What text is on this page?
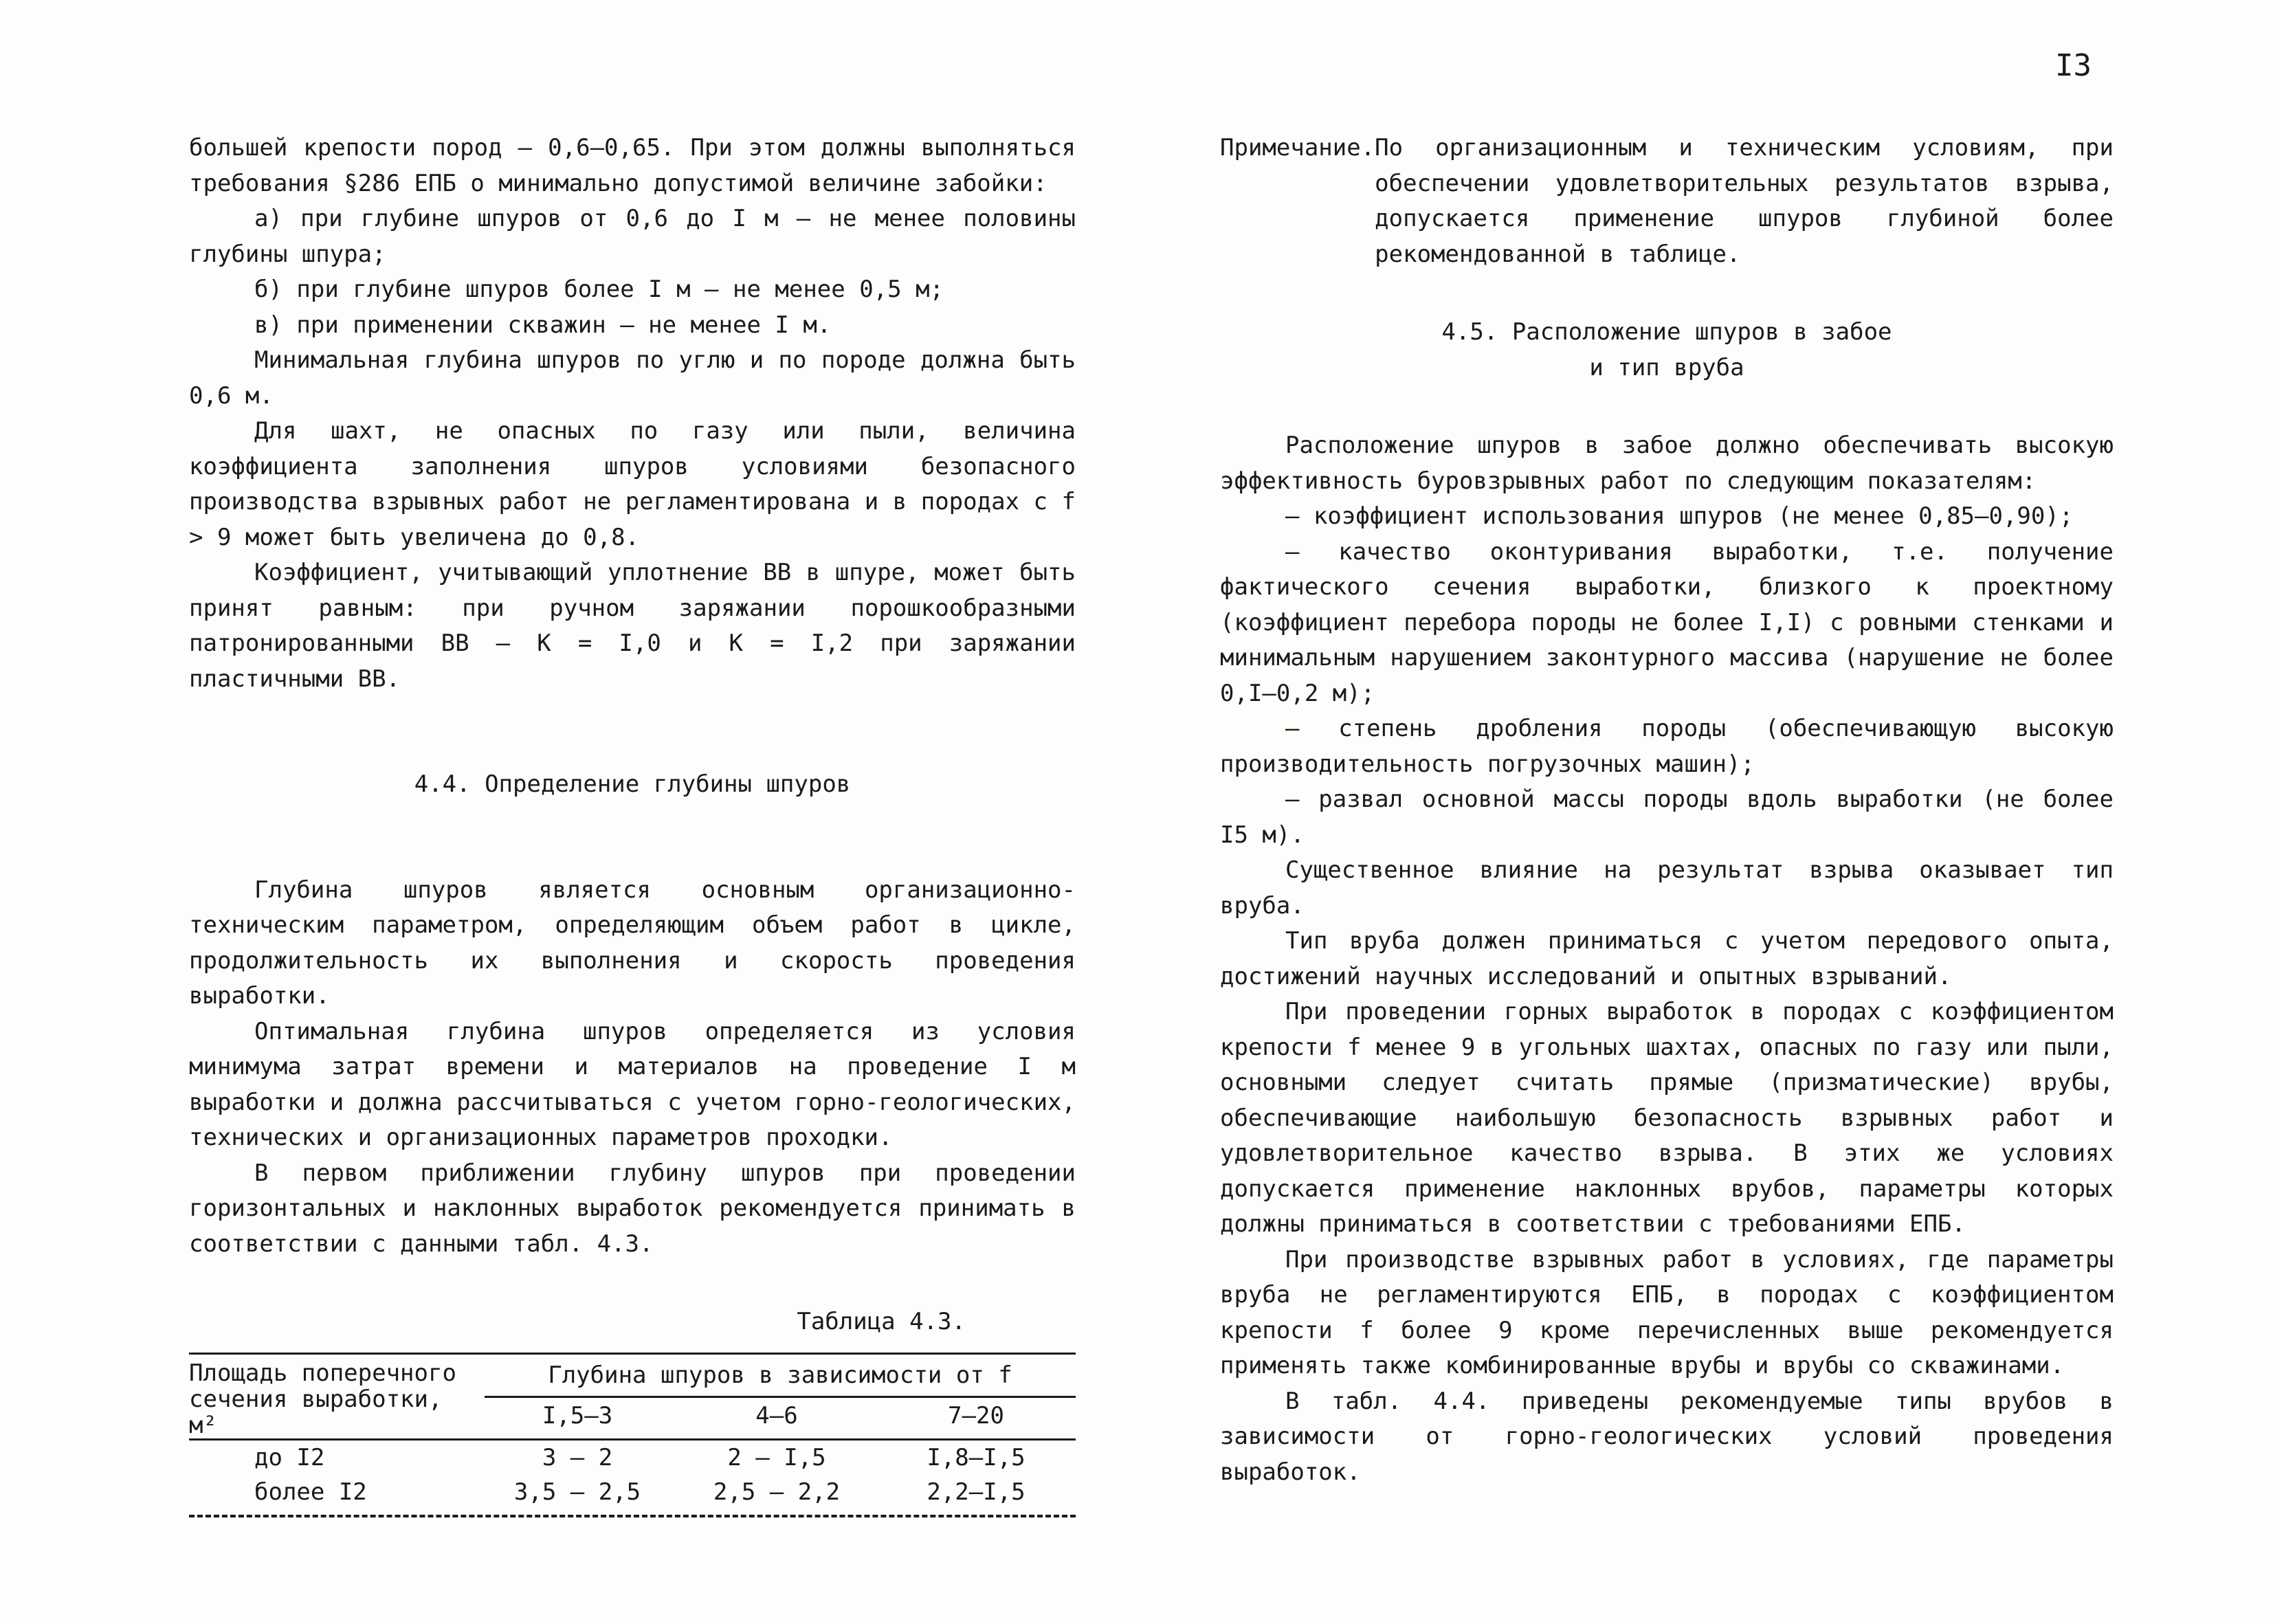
I3

большей крепости пород – 0,6–0,65. При этом должны выполняться требования §286 ЕПБ о минимально допустимой величине забойки:

а) при глубине шпуров от 0,6 до I м – не менее половины глубины шпура;

б) при глубине шпуров более I м – не менее 0,5 м;

в) при применении скважин – не менее I м.

Минимальная глубина шпуров по углю и по породе должна быть 0,6 м.

Для шахт, не опасных по газу или пыли, величина коэффициента заполнения шпуров условиями безопасного производства взрывных работ не регламентирована и в породах с f > 9 может быть увеличена до 0,8.

Коэффициент, учитывающий уплотнение ВВ в шпуре, может быть принят равным: при ручном заряжании порошкообразными патронированными ВВ – K = I,0 и K = I,2 при заряжании пластичными ВВ.

4.4. Определение глубины шпуров

Глубина шпуров является основным организационно-техническим параметром, определяющим объем работ в цикле, продолжительность их выполнения и скорость проведения выработки.

Оптимальная глубина шпуров определяется из условия минимума затрат времени и материалов на проведение I м выработки и должна рассчитываться с учетом горно-геологических, технических и организационных параметров проходки.

В первом приближении глубину шпуров при проведении горизонтальных и наклонных выработок рекомендуется принимать в соответствии с данными табл. 4.3.

Таблица 4.3.

Площадь поперечного сечения выработки, м²
Глубина шпуров в зависимости от f
I,5–3	4–6	7–20
до I2	3 – 2	2 – I,5	I,8–I,5
более I2	3,5 – 2,5	2,5 – 2,2	2,2–I,5
Примечание. По организационным и техническим условиям, при обеспечении удовлетворительных результатов взрыва, допускается применение шпуров глубиной более рекомендованной в таблице.

4.5. Расположение шпуров в забое

и тип вруба

Расположение шпуров в забое должно обеспечивать высокую эффективность буровзрывных работ по следующим показателям:

– коэффициент использования шпуров (не менее 0,85–0,90);

– качество оконтуривания выработки, т.е. получение фактического сечения выработки, близкого к проектному (коэффициент перебора породы не более I,I) с ровными стенками и минимальным нарушением законтурного массива (нарушение не более 0,I–0,2 м);

– степень дробления породы (обеспечивающую высокую производительность погрузочных машин);

– развал основной массы породы вдоль выработки (не более I5 м).

Существенное влияние на результат взрыва оказывает тип вруба.

Тип вруба должен приниматься с учетом передового опыта, достижений научных исследований и опытных взрываний.

При проведении горных выработок в породах с коэффициентом крепости f менее 9 в угольных шахтах, опасных по газу или пыли, основными следует считать прямые (призматические) врубы, обеспечивающие наибольшую безопасность взрывных работ и удовлетворительное качество взрыва. В этих же условиях допускается применение наклонных врубов, параметры которых должны приниматься в соответствии с требованиями ЕПБ.

При производстве взрывных работ в условиях, где параметры вруба не регламентируются ЕПБ, в породах с коэффициентом крепости f более 9 кроме перечисленных выше рекомендуется применять также комбинированные врубы и врубы со скважинами.

В табл. 4.4. приведены рекомендуемые типы врубов в зависимости от горно-геологических условий проведения выработок.
